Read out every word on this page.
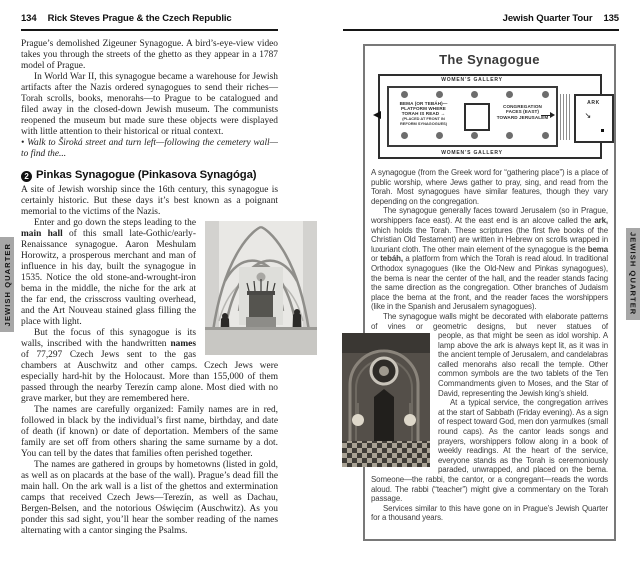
134 Rick Steves Prague & the Czech Republic
JEWISH QUARTER

Prague’s demolished Zigeuner Synagogue. A bird’s-eye-view video takes you through the streets of the ghetto as they appear in a 1787 model of Prague.

In World War II, this synagogue became a warehouse for Jewish artifacts after the Nazis ordered synagogues to send their riches—Torah scrolls, books, menorahs—to Prague to be catalogued and filed away in the closed-down Jewish museum. The communists reopened the museum but made sure these objects were displayed with little attention to their historical or ritual context.

• Walk to Široká street and turn left—following the cemetery wall—to find the...

2 Pinkas Synagogue (Pinkasova Synagóga)

A site of Jewish worship since the 16th century, this synagogue is certainly historic. But these days it’s best known as a poignant memorial to the victims of the Nazis.

Enter and go down the steps leading to the main hall of this small late-Gothic/early-Renaissance synagogue. Aaron Meshulam Horowitz, a prosperous merchant and man of influence in his day, built the synagogue in 1535. Notice the old stone-and-wrought-iron bema in the middle, the niche for the ark at the far end, the crisscross vaulting overhead, and the Art Nouveau stained glass filling the place with light.

But the focus of this synagogue is its walls, inscribed with the handwritten names of 77,297 Czech Jews sent to the gas chambers at Auschwitz and other camps. Czech Jews were especially hard-hit by the Holocaust. More than 155,000 of them passed through the nearby Terezín camp alone. Most died with no grave marker, but they are remembered here.

The names are carefully organized: Family names are in red, followed in black by the individual’s first name, birthday, and date of death (if known) or date of deportation. Members of the same family are set off from others sharing the same surname by a dot. You can tell by the dates that families often perished together.

The names are gathered in groups by hometowns (listed in gold, as well as on placards at the base of the wall). Prague’s dead fill the main hall. On the ark wall is a list of the ghettos and extermination camps that received Czech Jews—Terezín, as well as Dachau, Bergen-Belsen, and the notorious Oświęcim (Auschwitz). As you ponder this sad sight, you’ll hear the somber reading of the names alternating with a cantor singing the Psalms.

Jewish Quarter Tour 135
JEWISH QUARTER
The Synagogue
WOMEN’S GALLERY
WOMEN’S GALLERY
BEMA (OR TEBÁH)—
PLATFORM WHERE
TORAH IS READ →
(PLACED AT FRONT IN
REFORM SYNAGOGUES)
CONGREGATION
FACES (EAST)
TOWARD JERUSALEM
ARK
↘

A synagogue (from the Greek word for “gathering place”) is a place of public worship, where Jews gather to pray, sing, and read from the Torah. Most synagogues have similar features, though they vary depending on the congregation.

The synagogue generally faces toward Jerusalem (so in Prague, worshippers face east). At the east end is an alcove called the ark, which holds the Torah. These scriptures (the first five books of the Christian Old Testament) are written in Hebrew on scrolls wrapped in luxuriant cloth. The other main element of the synagogue is the bema or tebáh, a platform from which the Torah is read aloud. In traditional Orthodox synagogues (like the Old-New and Pinkas synagogues), the bema is near the center of the hall, and the reader stands facing the same direction as the congregation. Other branches of Judaism place the bema at the front, and the reader faces the worshippers (like in the Spanish and Jerusalem synagogues).

The synagogue walls might be decorated with elaborate patterns of vines or geometric designs, but never statues of

people, as that might be seen as idol worship. A lamp above the ark is always kept lit, as it was in the ancient temple of Jerusalem, and candelabras called menorahs also recall the temple. Other common symbols are the two tablets of the Ten Commandments given to Moses, and the Star of David, representing the Jewish king’s shield.

At a typical service, the congregation arrives at the start of Sabbath (Friday evening). As a sign of respect toward God, men don yarmulkes (small round caps). As the cantor leads songs and prayers, worshippers follow along in a book of weekly readings. At the heart of the service, everyone stands as the Torah is ceremoniously paraded, unwrapped, and placed on the bema. Someone—the rabbi, the cantor, or a congregant—reads the words aloud. The rabbi (“teacher”) might give a commentary on the Torah passage.

Services similar to this have gone on in Prague’s Jewish Quarter for a thousand years.
